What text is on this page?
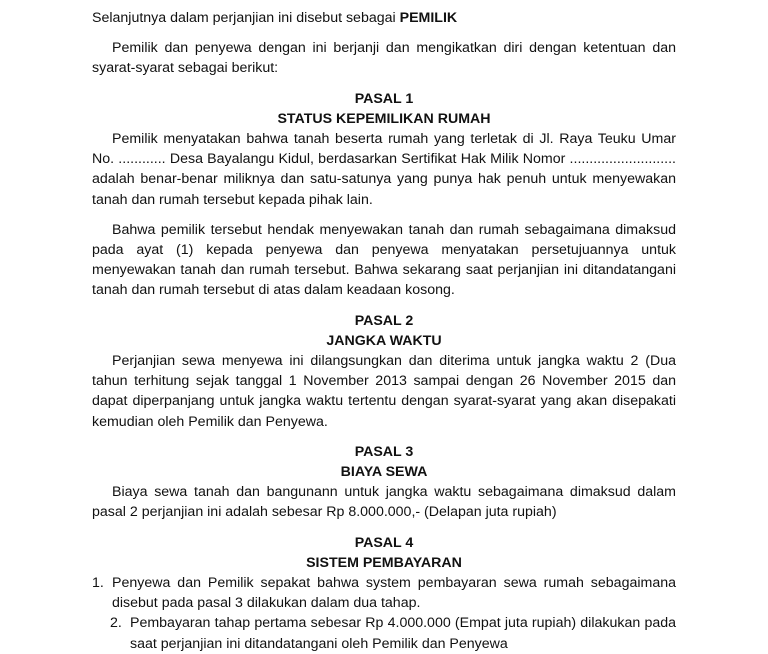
Selanjutnya dalam perjanjian ini disebut sebagai PEMILIK

Pemilik dan penyewa dengan ini berjanji dan mengikatkan diri dengan ketentuan dan syarat-syarat sebagai berikut:

PASAL 1

STATUS KEPEMILIKAN RUMAH

Pemilik menyatakan bahwa tanah beserta rumah yang terletak di Jl. Raya Teuku Umar No. ............ Desa Bayalangu Kidul, berdasarkan Sertifikat Hak Milik Nomor ........................... adalah benar-benar miliknya dan satu-satunya yang punya hak penuh untuk menyewakan tanah dan rumah tersebut kepada pihak lain.

Bahwa pemilik tersebut hendak menyewakan tanah dan rumah sebagaimana dimaksud pada ayat (1) kepada penyewa dan penyewa menyatakan persetujuannya untuk menyewakan tanah dan rumah tersebut. Bahwa sekarang saat perjanjian ini ditandatangani tanah dan rumah tersebut di atas dalam keadaan kosong.

PASAL 2

JANGKA WAKTU

Perjanjian sewa menyewa ini dilangsungkan dan diterima untuk jangka waktu 2 (Dua tahun terhitung sejak tanggal 1 November 2013 sampai dengan 26 November 2015 dan dapat diperpanjang untuk jangka waktu tertentu dengan syarat-syarat yang akan disepakati kemudian oleh Pemilik dan Penyewa.

PASAL 3

BIAYA SEWA

Biaya sewa tanah dan bangunann untuk jangka waktu sebagaimana dimaksud dalam pasal 2 perjanjian ini adalah sebesar Rp 8.000.000,- (Delapan juta rupiah)

PASAL 4

SISTEM PEMBAYARAN

1. Penyewa dan Pemilik sepakat bahwa system pembayaran sewa rumah sebagaimana disebut pada pasal 3 dilakukan dalam dua tahap.
2. Pembayaran tahap pertama sebesar Rp 4.000.000 (Empat juta rupiah) dilakukan pada saat perjanjian ini ditandatangani oleh Pemilik dan Penyewa
